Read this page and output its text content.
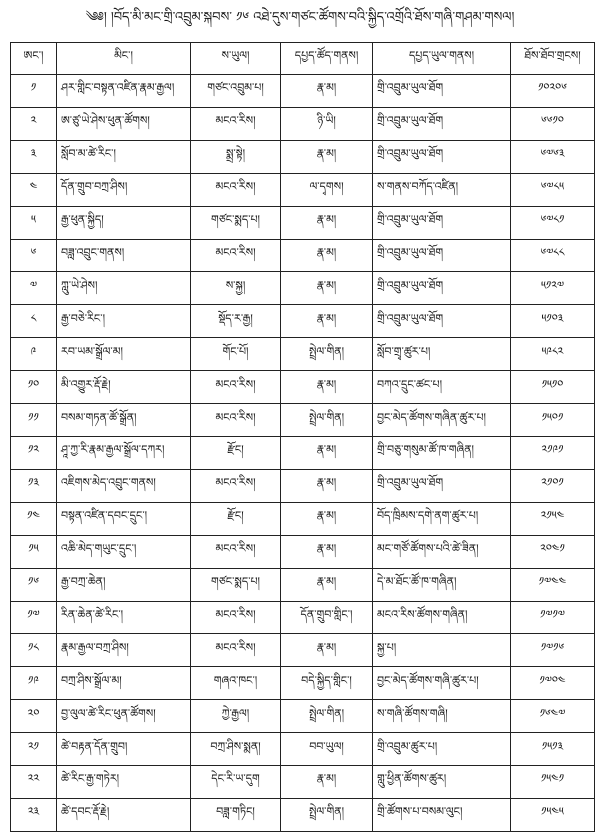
༄༅། །བོད་མི་མང་གྲི་འབྲུམ་སྐབས་ ༡༦ འཐེ་དུས་གཙང་ཚོགས་བའི་སྐྱིད་འགྲོའི་ཐོས་གཞི་གཤམ་གསལ།
ཨང་།	མིང་།	ས་ཡུལ།	དཔྱད་ཚོད་གནས།	དཔྱད་ཡུལ་གནས།	ཐོས་ཐོབ་གྲངས།
༡	ཤར་གླིང་བསྟན་འཛིན་རྣམ་རྒྱལ།	གཙང་འབྲུམ་པ།	རྣ་མ།	གྲི་འབྲུམ་ཡུལ་ཐོག	༡༠༢༠༦
༢	ཨ་ཙུ་ཡེ་ཤེས་ཕུན་ཚོགས།	མངའ་རིས།	ཉི་ཡི།	གྲི་འབྲུམ་ཡུལ་ཐོག	༦༦༡༠
༣	སློབ་མ་ཚེ་རིང་།	སྨྲ་སྟེ།	རྣ་མ།	གྲི་འབྲུམ་ཡུལ་ཐོག	༦༧༦༣
༤	དོན་གྲུབ་བཀྲ་ཤིས།	མངའ་རིས།	ལ་དྭགས།	ས་གནས་བཀོད་འཛིན།	༦༧༨༥
༥	རྒྱ་ཕུན་སྐྱིད།	གཙང་སྨད་པ།	རྣ་མ།	གྲི་འབྲུམ་ཡུལ་ཐོག	༦༧༨༡
༦	བཟླ་འབྲུང་གནས།	མངའ་རིས།	རྣ་མ།	གྲི་འབྲུམ་ཡུལ་ཐོག	༦༧༨༨
༧	ཀླུ་ཡེ་ཤེས།	ས་སྐྱ།	རྣ་མ།	གྲི་འབྲུམ་ཡུལ་ཐོག	༥༡༢༧
༨	རྒྱ་བཅེ་རིང་།	སྡོད་ར་རྒྱ།	རྣ་མ།	གྲི་འབྲུམ་ཡུལ་ཐོག	༥༡༠༣
༩	རབ་ཡམ་སྒྲོལ་མ།	གོང་པོ།	སྤྲེལ་གིན།	སློབ་གྲྭ་ཚུར་པ།	༥༩༨༢
༡༠	མི་འགྱུར་རྡོ་རྗེ།	མངའ་རིས།	རྣ་མ།	བཀའ་དྲུང་ཚང་པ།	༡༥༡༠
༡༡	བསམ་གཏན་ཚོ་སྒྲོན།	མངའ་རིས།	སྤྲེལ་གིན།	བྱང་མེད་ཚོགས་གཞིན་ཚུར་པ།	༡༥༠༡
༡༢	ཤཱ་ཀྱ་རི་རྣམ་རྒྱལ་སྒྲོལ་དཀར།	རྫོང།	རྣ་མ།	གྲི་བཅུ་གསུམ་ཚོ་ཁ་གཞིན།	༢༡༩༡
༡༣	འཇིགས་མེད་འབྲུང་གནས།	མངའ་རིས།	རྣ་མ།	གྲི་འབྲུམ་ཡུལ་ཐོག	༢༡༠༡
༡༤	བསྟན་འཛིན་དབང་དྲུང་།	རྫོང།	རྣ་མ།	བོད་ཁྲིམས་དགེ་ནག་ཚུར་པ།	༢༡༥༤
༡༥	འཆི་མེད་གཡུང་དྲུང་།	མངའ་རིས།	རྣ་མ།	མང་གཙོ་ཚོགས་པའི་ཚེ་ཟིན།	༢༠༤༡
༡༦	རྒྱ་བཀྲ་ཆེན།	གཙང་སྨད་པ།	རྣ་མ།	དེ་མ་ཐོང་ཚོ་ཁ་གཞིན།	༡༧༤༤
༡༧	རིན་ཆེན་ཚེ་རིང་།	མངའ་རིས།	དོན་གྲུབ་གླིང་།	མངའ་རིས་ཚོགས་གཞིན།	༡༧༡༧
༡༨	རྣམ་རྒྱལ་བཀྲ་ཤིས།	མངའ་རིས།	རྣ་མ།	སྐྱ་པ།	༡༧༡༦
༡༩	བཀྲ་ཤིས་སྒྲོལ་མ།	གཞའ་ཁང་།	བདེ་སྐྱིད་གླིང་།	བྱང་མེད་ཚོགས་གཞི་ཚུར་པ།	༡༧༠༤
༢༠	བྱ་ལུལ་ཚེ་རིང་ཕུན་ཚོགས།	ཀྱེ་རྒྱལ།	སྤྲེལ་གིན།	ས་གཞི་ཚོགས་གཞི།	༡༦༤༧
༢༡	ཚེ་བརྟན་དོན་གྲུབ།	བཀྲ་ཤིས་སྨན།	བབ་ཡུལ།	གྲི་འབྲུམ་ཚུར་པ།	༡༥༡༣
༢༢	ཚེ་རིང་རྒྱ་གཏེར།	དེང་རི་ཡ་དུག	རྣ་མ།	གླུ་ཕྱིན་ཚོགས་ཚུར།	༡༥༤༡
༢༣	ཚེ་དབང་རྡོ་རྗེ།	བཟླ་གཏིང།	སྤྲེལ་གིན།	གྲི་ཚོགས་པ་བསམ་ལུང།	༡༥༤༥
